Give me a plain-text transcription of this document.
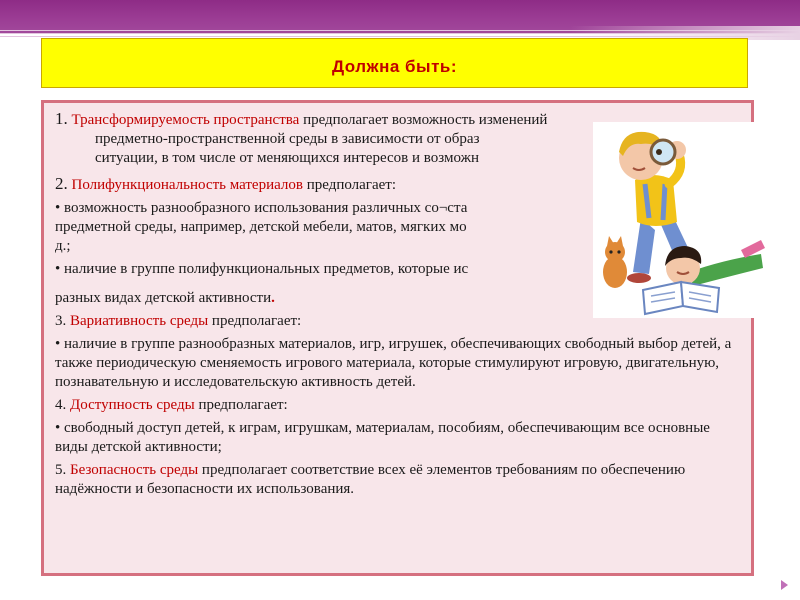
Должна быть:

1. Трансформируемость пространства предполагает возможность изменений
предметно-пространственной среды в зависимости от образ
ситуации, в том числе от меняющихся интересов и возможн

2. Полифункциональность материалов предполагает:

• возможность разнообразного использования различных со¬ста
предметной среды, например, детской мебели, матов, мягких мо
д.;

• наличие в группе полифункциональных предметов, которые ис

разных видах детской активности.

3. Вариативность среды предполагает:

• наличие в группе разнообразных материалов, игр, игрушек, обеспечивающих свободный выбор детей, а также периодическую сменяемость игрового материала, которые стимулируют игровую, двигательную, познавательную и исследовательскую активность детей.

4. Доступность среды предполагает:

• свободный доступ детей, к играм, игрушкам, материалам, пособиям, обеспечивающим все основные виды детской активности;

5. Безопасность среды предполагает соответствие всех её элементов требованиям по обеспечению надёжности и безопасности их использования.
